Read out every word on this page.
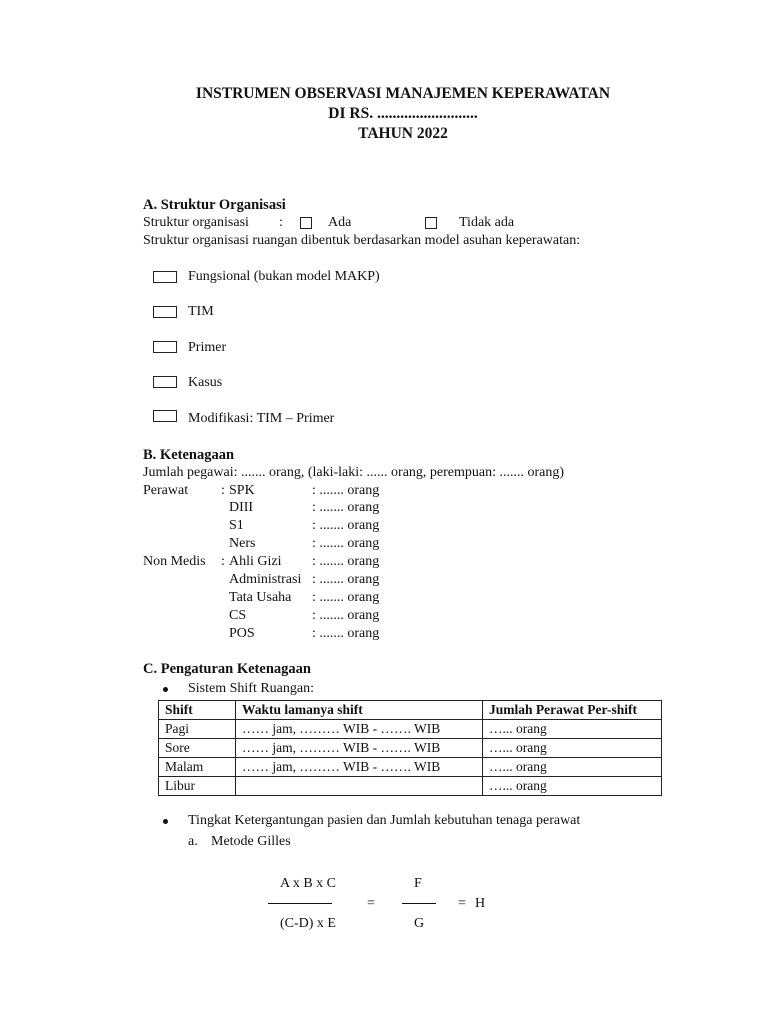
INSTRUMEN OBSERVASI MANAJEMEN KEPERAWATAN
DI RS. ..........................
TAHUN 2022
A. Struktur Organisasi
Struktur organisasi :	Ada	Tidak ada
Struktur organisasi ruangan dibentuk berdasarkan model asuhan keperawatan:
Fungsional (bukan model MAKP)
TIM
Primer
Kasus
Modifikasi: TIM – Primer
B. Ketenagaan
Jumlah pegawai: ....... orang, (laki-laki: ...... orang, perempuan: ....... orang)
Perawat
Non Medis
: SPK	: ....... orang
DIII	: ....... orang
S1	: ....... orang
Ners	: ....... orang
: Ahli Gizi : ....... orang
Administrasi : ....... orang
Tata Usaha : ....... orang
CS	: ....... orang
POS	: ....... orang
C. Pengaturan Ketenagaan
Sistem Shift Ruangan:
Shift	Waktu lamanya shift	Jumlah Perawat Per-shift
Pagi	…… jam, ……… WIB - ……. WIB	…... orang
Sore	…… jam, ……… WIB - ……. WIB	…... orang
Malam	…… jam, ……… WIB - ……. WIB	…... orang
Libur		…... orang
Tingkat Ketergantungan pasien dan Jumlah kebutuhan tenaga perawat
a. Metode Gilles
A x B x C
(C-D) x E
=
F
G
= H
